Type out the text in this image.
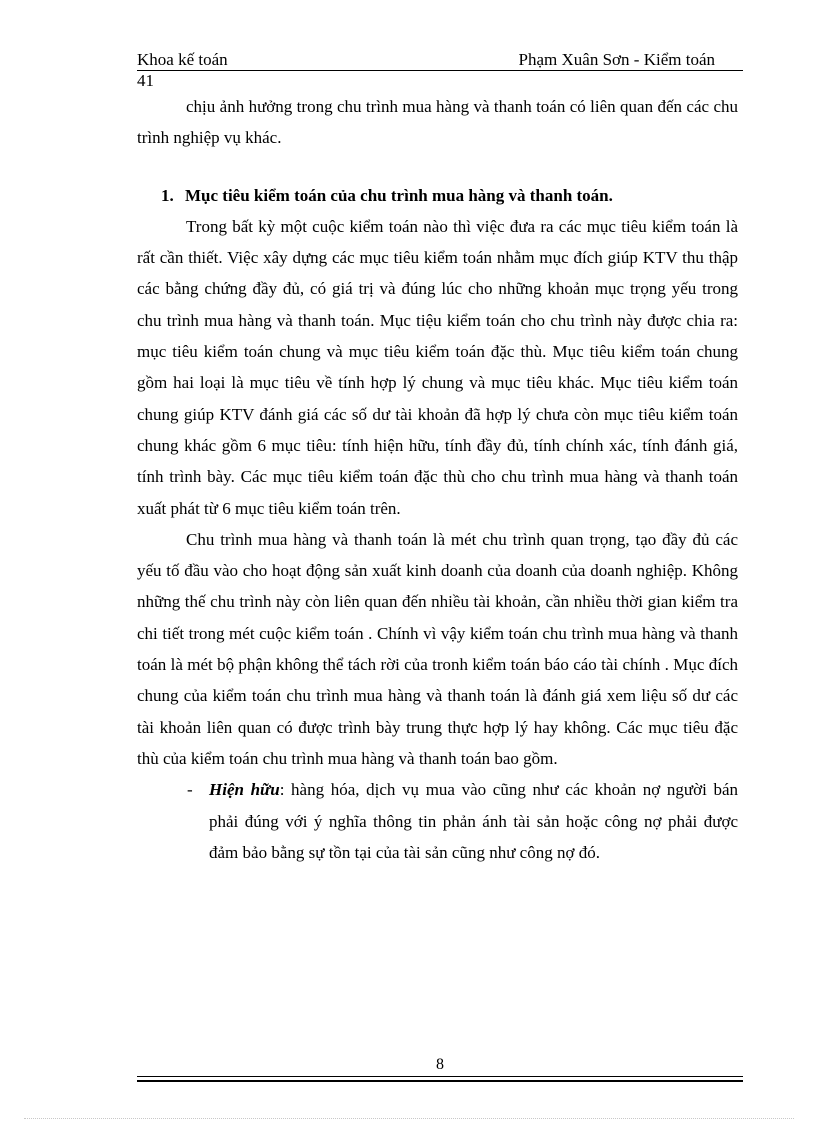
Khoa kế toán	Phạm Xuân Sơn - Kiểm toán
41

chịu ảnh hưởng trong chu trình mua hàng và thanh toán có liên quan đến các chu trình nghiệp vụ khác.

1. Mục tiêu kiểm toán của chu trình mua hàng và thanh toán.

Trong bất kỳ một cuộc kiểm toán nào thì việc đưa ra các mục tiêu kiểm toán là rất cần thiết. Việc xây dựng các mục tiêu kiểm toán nhằm mục đích giúp KTV thu thập các bằng chứng đầy đủ, có giá trị và đúng lúc cho những khoản mục trọng yếu trong chu trình mua hàng và thanh toán. Mục tiệu kiểm toán cho chu trình này được chia ra: mục tiêu kiểm toán chung và mục tiêu kiểm toán đặc thù. Mục tiêu kiểm toán chung gồm hai loại là mục tiêu về tính hợp lý chung và mục tiêu khác. Mục tiêu kiểm toán chung giúp KTV đánh giá các số dư tài khoản đã hợp lý chưa còn mục tiêu kiểm toán chung khác gồm 6 mục tiêu: tính hiện hữu, tính đầy đủ, tính chính xác, tính đánh giá, tính trình bày. Các mục tiêu kiểm toán đặc thù cho chu trình mua hàng và thanh toán xuất phát từ 6 mục tiêu kiểm toán trên.

Chu trình mua hàng và thanh toán là mét chu trình quan trọng, tạo đầy đủ các yếu tố đầu vào cho hoạt động sản xuất kinh doanh của doanh của doanh nghiệp. Không những thế chu trình này còn liên quan đến nhiều tài khoản, cần nhiều thời gian kiểm tra chi tiết trong mét cuộc kiểm toán . Chính vì vậy kiểm toán chu trình mua hàng và thanh toán là mét bộ phận không thể tách rời của tronh kiểm toán báo cáo tài chính . Mục đích chung của kiểm toán chu trình mua hàng và thanh toán là đánh giá xem liệu số dư các tài khoản liên quan có được trình bày trung thực hợp lý hay không. Các mục tiêu đặc thù của kiểm toán chu trình mua hàng và thanh toán bao gồm.

- Hiện hữu: hàng hóa, dịch vụ mua vào cũng như các khoản nợ người bán phải đúng với ý nghĩa thông tin phản ánh tài sản hoặc công nợ phải được đảm bảo bằng sự tồn tại của tài sản cũng như công nợ đó.

8
